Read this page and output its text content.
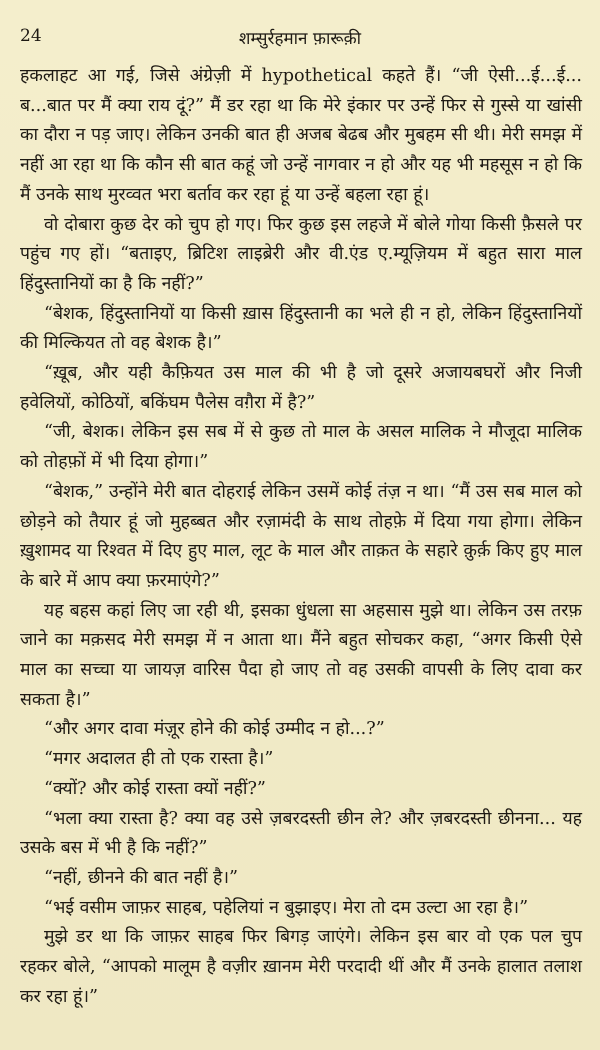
24	शम्सुर्रहमान फ़ारूक़ी

हकलाहट आ गई, जिसे अंग्रेज़ी में hypothetical कहते हैं। “जी ऐसी...ई...ई... ब...बात पर मैं क्या राय दूं?” मैं डर रहा था कि मेरे इंकार पर उन्हें फिर से गुस्से या खांसी का दौरा न पड़ जाए। लेकिन उनकी बात ही अजब बेढब और मुबहम सी थी। मेरी समझ में नहीं आ रहा था कि कौन सी बात कहूं जो उन्हें नागवार न हो और यह भी महसूस न हो कि मैं उनके साथ मुरव्वत भरा बर्ताव कर रहा हूं या उन्हें बहला रहा हूं।

वो दोबारा कुछ देर को चुप हो गए। फिर कुछ इस लहजे में बोले गोया किसी फ़ैसले पर पहुंच गए हों। “बताइए, ब्रिटिश लाइब्रेरी और वी.एंड ए.म्यूज़ियम में बहुत सारा माल हिंदुस्तानियों का है कि नहीं?”

“बेशक, हिंदुस्तानियों या किसी ख़ास हिंदुस्तानी का भले ही न हो, लेकिन हिंदुस्तानियों की मिल्कियत तो वह बेशक है।”

“ख़ूब, और यही कैफ़ियत उस माल की भी है जो दूसरे अजायबघरों और निजी हवेलियों, कोठियों, बकिंघम पैलेस वग़ैरा में है?”

“जी, बेशक। लेकिन इस सब में से कुछ तो माल के असल मालिक ने मौजूदा मालिक को तोहफ़ों में भी दिया होगा।”

“बेशक,” उन्होंने मेरी बात दोहराई लेकिन उसमें कोई तंज़ न था। “मैं उस सब माल को छोड़ने को तैयार हूं जो मुहब्बत और रज़ामंदी के साथ तोहफ़े में दिया गया होगा। लेकिन ख़ुशामद या रिश्वत में दिए हुए माल, लूट के माल और ताक़त के सहारे क़ुर्क़ किए हुए माल के बारे में आप क्या फ़रमाएंगे?”

यह बहस कहां लिए जा रही थी, इसका धुंधला सा अहसास मुझे था। लेकिन उस तरफ़ जाने का मक़सद मेरी समझ में न आता था। मैंने बहुत सोचकर कहा, “अगर किसी ऐसे माल का सच्चा या जायज़ वारिस पैदा हो जाए तो वह उसकी वापसी के लिए दावा कर सकता है।”

“और अगर दावा मंज़ूर होने की कोई उम्मीद न हो...?”

“मगर अदालत ही तो एक रास्ता है।”

“क्यों? और कोई रास्ता क्यों नहीं?”

“भला क्या रास्ता है? क्या वह उसे ज़बरदस्ती छीन ले? और ज़बरदस्ती छीनना... यह उसके बस में भी है कि नहीं?”

“नहीं, छीनने की बात नहीं है।”

“भई वसीम जाफ़र साहब, पहेलियां न बुझाइए। मेरा तो दम उल्टा आ रहा है।”

मुझे डर था कि जाफ़र साहब फिर बिगड़ जाएंगे। लेकिन इस बार वो एक पल चुप रहकर बोले, “आपको मालूम है वज़ीर ख़ानम मेरी परदादी थीं और मैं उनके हालात तलाश कर रहा हूं।”
